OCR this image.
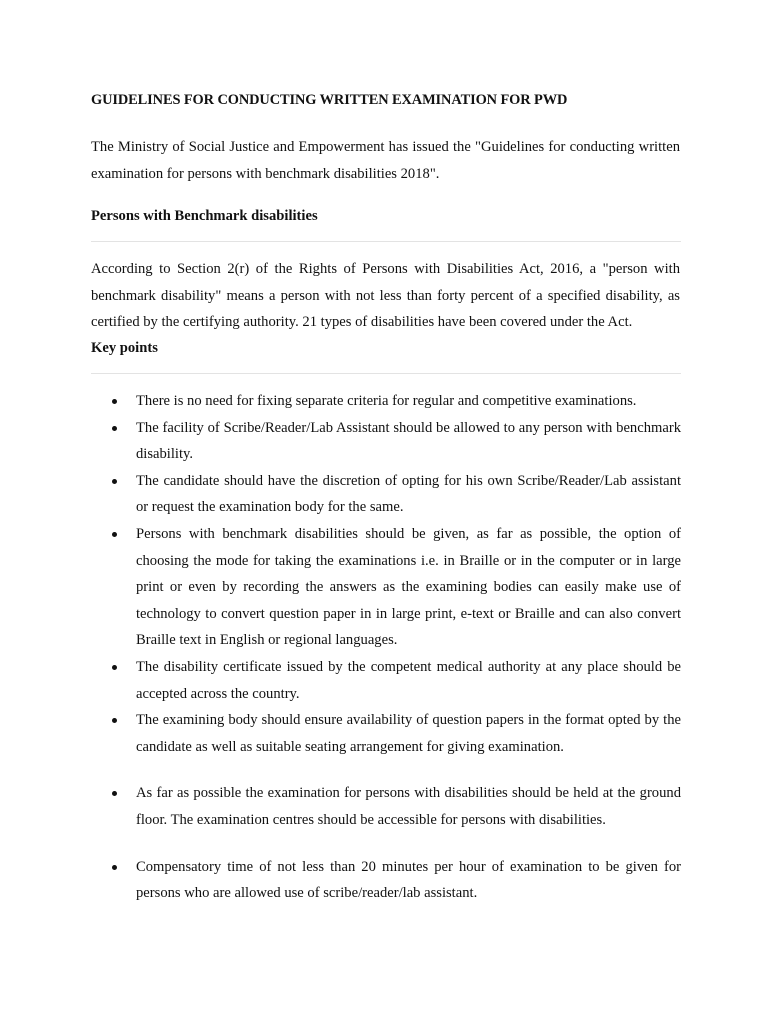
GUIDELINES FOR CONDUCTING WRITTEN EXAMINATION FOR PWD

The Ministry of Social Justice and Empowerment has issued the "Guidelines for conducting written examination for persons with benchmark disabilities 2018".

Persons with Benchmark disabilities

According to Section 2(r) of the Rights of Persons with Disabilities Act, 2016, a "person with benchmark disability" means a person with not less than forty percent of a specified disability, as certified by the certifying authority. 21 types of disabilities have been covered under the Act.

Key points
There is no need for fixing separate criteria for regular and competitive examinations.
The facility of Scribe/Reader/Lab Assistant should be allowed to any person with benchmark disability.
The candidate should have the discretion of opting for his own Scribe/Reader/Lab assistant or request the examination body for the same.
Persons with benchmark disabilities should be given, as far as possible, the option of choosing the mode for taking the examinations i.e. in Braille or in the computer or in large print or even by recording the answers as the examining bodies can easily make use of technology to convert question paper in in large print, e-text or Braille and can also convert Braille text in English or regional languages.
The disability certificate issued by the competent medical authority at any place should be accepted across the country.
The examining body should ensure availability of question papers in the format opted by the candidate as well as suitable seating arrangement for giving examination.
As far as possible the examination for persons with disabilities should be held at the ground floor. The examination centres should be accessible for persons with disabilities.
Compensatory time of not less than 20 minutes per hour of examination to be given for persons who are allowed use of scribe/reader/lab assistant.
